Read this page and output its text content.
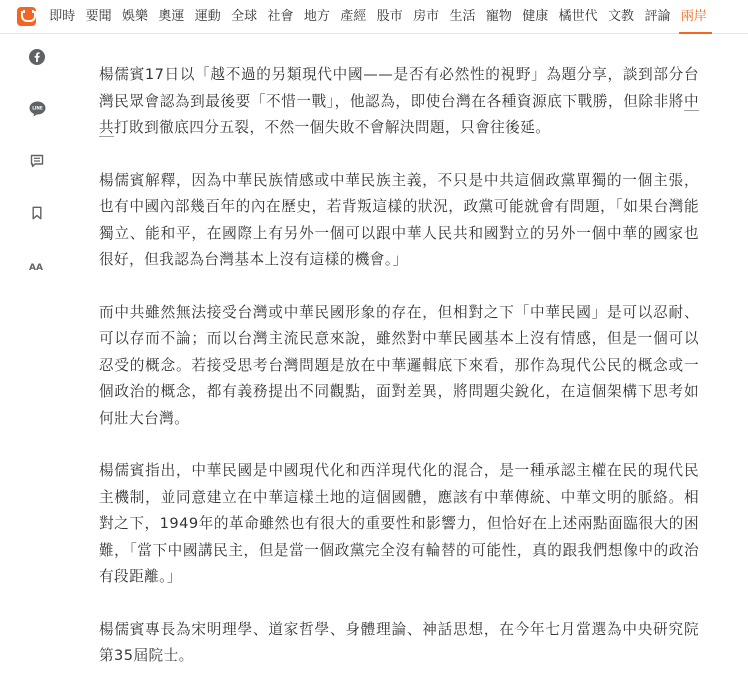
即時 要聞 娛樂 奧運 運動 全球 社會 地方 產經 股市 房市 生活 寵物 健康 橘世代 文教 評論 兩岸
LINE
AA

楊儒賓17日以「越不過的另類現代中國——是否有必然性的視野」為題分享，談到部分台灣民眾會認為到最後要「不惜一戰」，他認為，即使台灣在各種資源底下戰勝，但除非將中共打敗到徹底四分五裂，不然一個失敗不會解決問題，只會往後延。

楊儒賓解釋，因為中華民族情感或中華民族主義，不只是中共這個政黨單獨的一個主張，也有中國內部幾百年的內在歷史，若背叛這樣的狀況，政黨可能就會有問題，「如果台灣能獨立、能和平，在國際上有另外一個可以跟中華人民共和國對立的另外一個中華的國家也很好，但我認為台灣基本上沒有這樣的機會。」

而中共雖然無法接受台灣或中華民國形象的存在，但相對之下「中華民國」是可以忍耐、可以存而不論；而以台灣主流民意來說，雖然對中華民國基本上沒有情感，但是一個可以忍受的概念。若接受思考台灣問題是放在中華邏輯底下來看，那作為現代公民的概念或一個政治的概念，都有義務提出不同觀點，面對差異，將問題尖銳化，在這個架構下思考如何壯大台灣。

楊儒賓指出，中華民國是中國現代化和西洋現代化的混合，是一種承認主權在民的現代民主機制，並同意建立在中華這樣土地的這個國體，應該有中華傳統、中華文明的脈絡。相對之下，1949年的革命雖然也有很大的重要性和影響力，但恰好在上述兩點面臨很大的困難，「當下中國講民主，但是當一個政黨完全沒有輪替的可能性，真的跟我們想像中的政治有段距離。」

楊儒賓專長為宋明理學、道家哲學、身體理論、神話思想，在今年七月當選為中央研究院第35屆院士。
